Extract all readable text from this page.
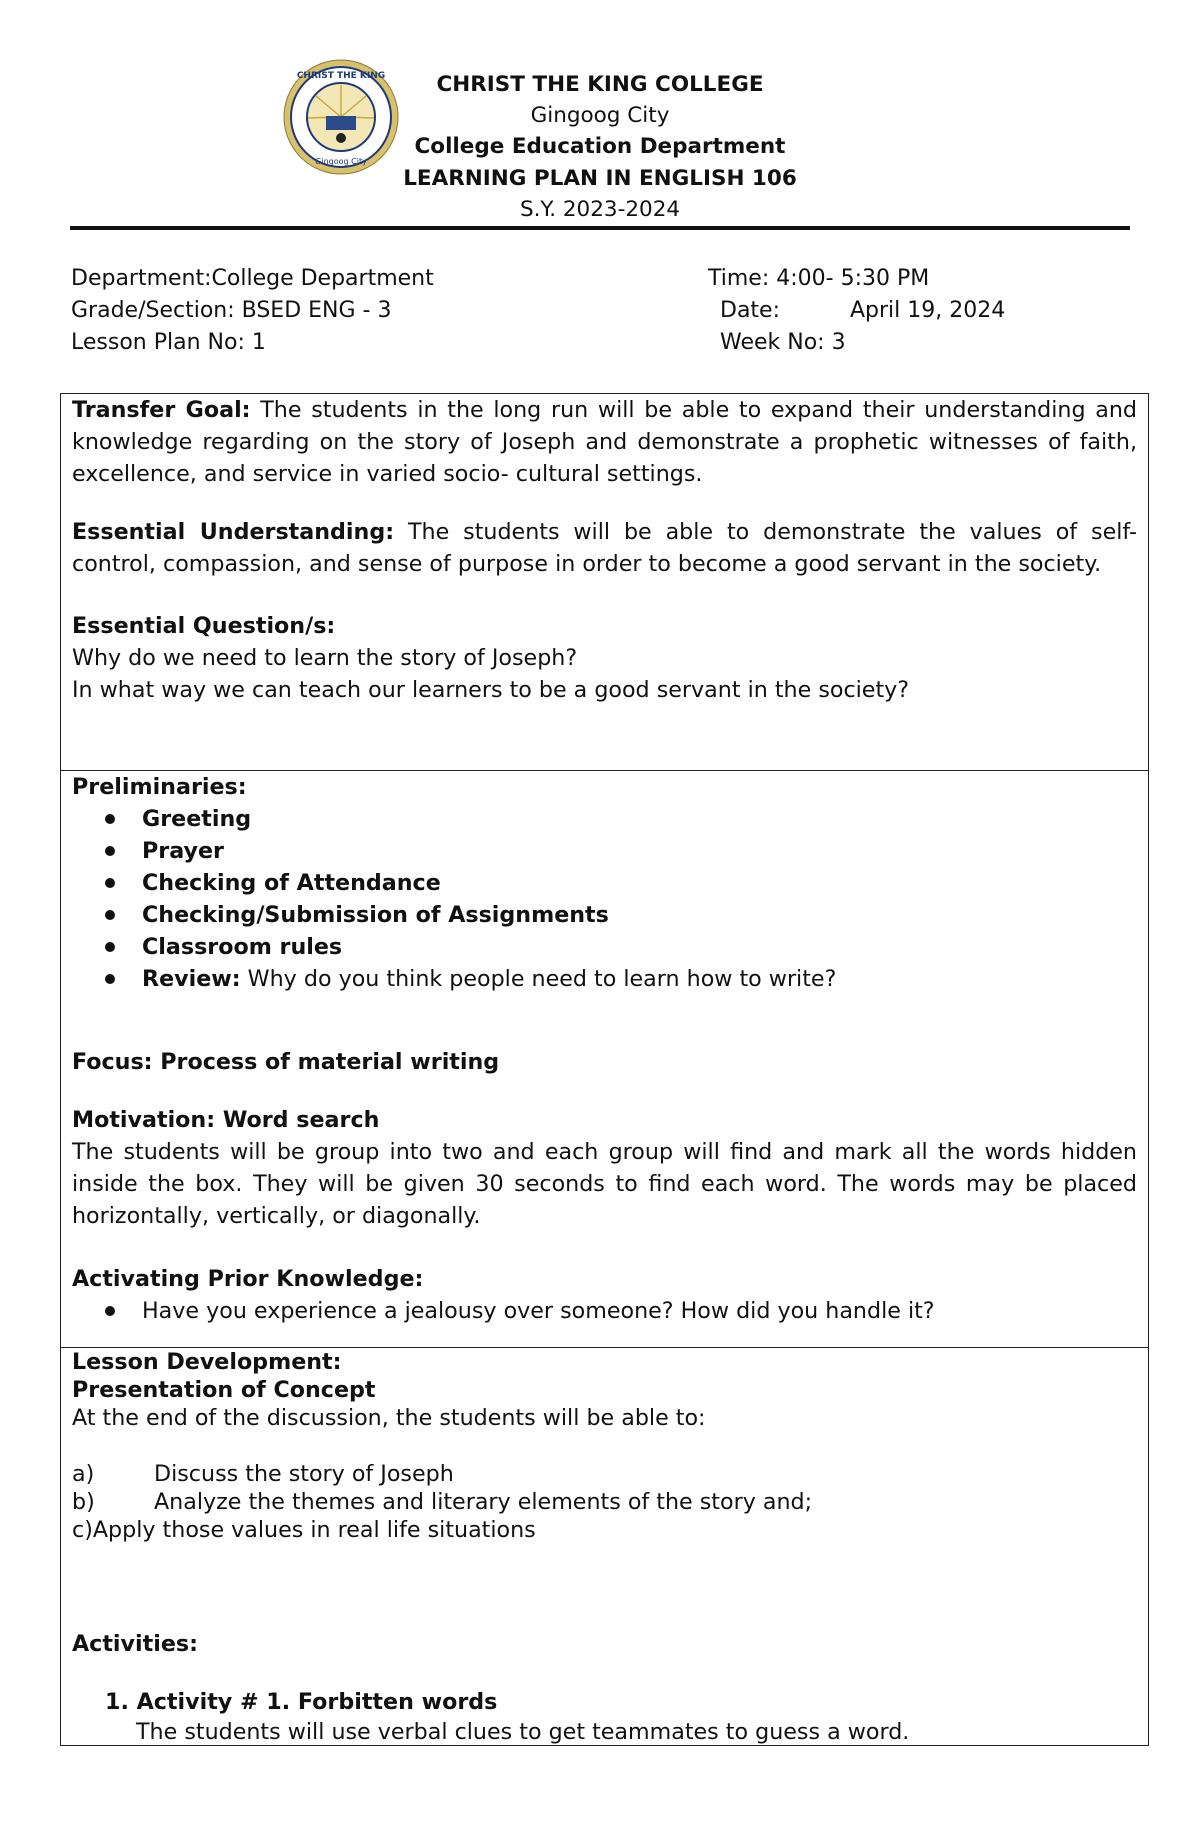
CHRIST THE KING
Gingoog City
CHRIST THE KING COLLEGE
Gingoog City
College Education Department
LEARNING PLAN IN ENGLISH 106
S.Y. 2023-2024
Department:College Department
Grade/Section: BSED ENG - 3
Lesson Plan No: 1
Time: 4:00- 5:30 PM
Date:	April 19, 2024
Week No: 3

Transfer Goal: The students in the long run will be able to expand their understanding and knowledge regarding on the story of Joseph and demonstrate a prophetic witnesses of faith, excellence, and service in varied socio- cultural settings.

Essential Understanding: The students will be able to demonstrate the values of self-control, compassion, and sense of purpose in order to become a good servant in the society.

Essential Question/s:

Why do we need to learn the story of Joseph?

In what way we can teach our learners to be a good servant in the society?

Preliminaries:

Greeting
Prayer
Checking of Attendance
Checking/Submission of Assignments
Classroom rules
Review: Why do you think people need to learn how to write?

Focus: Process of material writing

Motivation: Word search

The students will be group into two and each group will find and mark all the words hidden inside the box. They will be given 30 seconds to find each word. The words may be placed horizontally, vertically, or diagonally.

Activating Prior Knowledge:

Have you experience a jealousy over someone? How did you handle it?

Lesson Development:

Presentation of Concept

At the end of the discussion, the students will be able to:

a)	Discuss the story of Joseph
b)	Analyze the themes and literary elements of the story and;
c) Apply those values in real life situations

Activities:

1. Activity # 1. Forbitten words

The students will use verbal clues to get teammates to guess a word.
